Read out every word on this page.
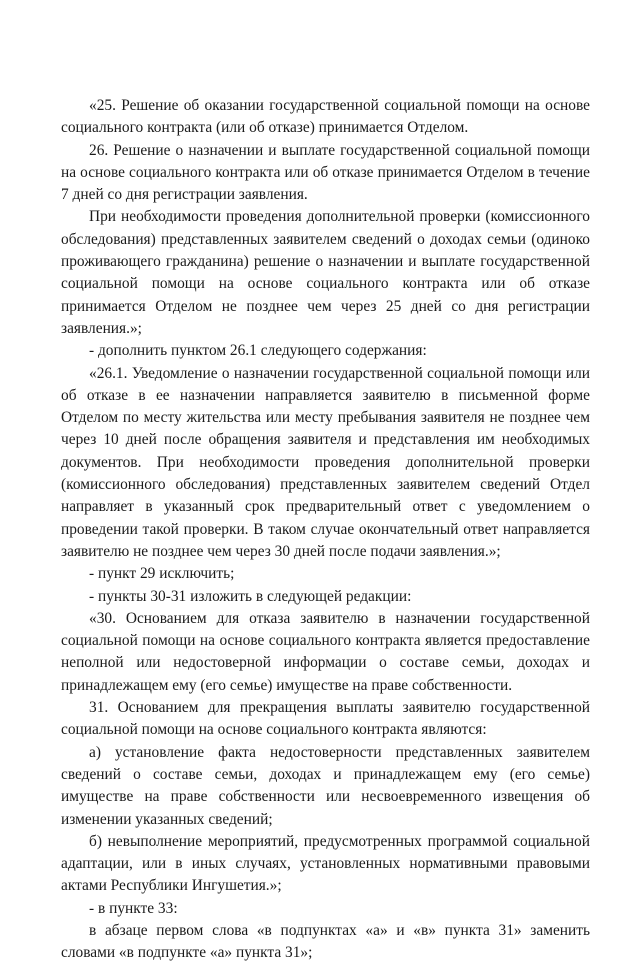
«25. Решение об оказании государственной социальной помощи на основе социального контракта (или об отказе) принимается Отделом.

26. Решение о назначении и выплате государственной социальной помощи на основе социального контракта или об отказе принимается Отделом в течение 7 дней со дня регистрации заявления.

При необходимости проведения дополнительной проверки (комиссионного обследования) представленных заявителем сведений о доходах семьи (одиноко проживающего гражданина) решение о назначении и выплате государственной социальной помощи на основе социального контракта или об отказе принимается Отделом не позднее чем через 25 дней со дня регистрации заявления.»;

- дополнить пунктом 26.1 следующего содержания:

«26.1. Уведомление о назначении государственной социальной помощи или об отказе в ее назначении направляется заявителю в письменной форме Отделом по месту жительства или месту пребывания заявителя не позднее чем через 10 дней после обращения заявителя и представления им необходимых документов. При необходимости проведения дополнительной проверки (комиссионного обследования) представленных заявителем сведений Отдел направляет в указанный срок предварительный ответ с уведомлением о проведении такой проверки. В таком случае окончательный ответ направляется заявителю не позднее чем через 30 дней после подачи заявления.»;

- пункт 29 исключить;

- пункты 30-31 изложить в следующей редакции:

«30. Основанием для отказа заявителю в назначении государственной социальной помощи на основе социального контракта является предоставление неполной или недостоверной информации о составе семьи, доходах и принадлежащем ему (его семье) имуществе на праве собственности.

31. Основанием для прекращения выплаты заявителю государственной социальной помощи на основе социального контракта являются:

а) установление факта недостоверности представленных заявителем сведений о составе семьи, доходах и принадлежащем ему (его семье) имуществе на праве собственности или несвоевременного извещения об изменении указанных сведений;

б) невыполнение мероприятий, предусмотренных программой социальной адаптации, или в иных случаях, установленных нормативными правовыми актами Республики Ингушетия.»;

- в пункте 33:

в абзаце первом слова «в подпунктах «а» и «в» пункта 31» заменить словами «в подпункте «а» пункта 31»;
